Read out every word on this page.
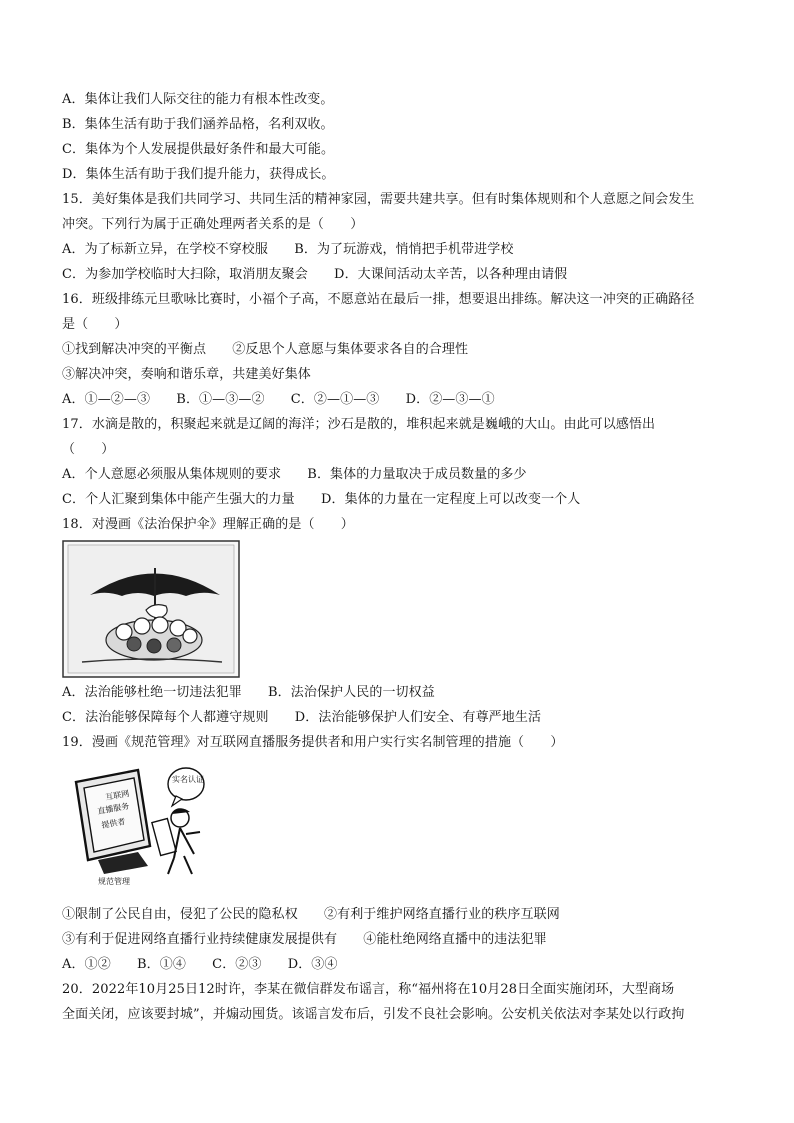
A．集体让我们人际交往的能力有根本性改变。
B．集体生活有助于我们涵养品格，名利双收。
C．集体为个人发展提供最好条件和最大可能。
D．集体生活有助于我们提升能力，获得成长。
15．美好集体是我们共同学习、共同生活的精神家园，需要共建共享。但有时集体规则和个人意愿之间会发生
冲突。下列行为属于正确处理两者关系的是（　　）
A．为了标新立异，在学校不穿校服　　B．为了玩游戏，悄悄把手机带进学校
C．为参加学校临时大扫除，取消朋友聚会　　D．大课间活动太辛苦，以各种理由请假
16．班级排练元旦歌咏比赛时，小福个子高，不愿意站在最后一排，想要退出排练。解决这一冲突的正确路径
是（　　）
①找到解决冲突的平衡点　　②反思个人意愿与集体要求各自的合理性
③解决冲突，奏响和谐乐章，共建美好集体
A．①—②—③　　B．①—③—②　　C．②—①—③　　D．②—③—①
17．水滴是散的，积聚起来就是辽阔的海洋；沙石是散的，堆积起来就是巍峨的大山。由此可以感悟出
（　　）
A．个人意愿必须服从集体规则的要求　　B．集体的力量取决于成员数量的多少
C．个人汇聚到集体中能产生强大的力量　　D．集体的力量在一定程度上可以改变一个人
18．对漫画《法治保护伞》理解正确的是（　　）
A．法治能够杜绝一切违法犯罪　　B．法治保护人民的一切权益
C．法治能够保障每个人都遵守规则　　D．法治能够保护人们安全、有尊严地生活
19．漫画《规范管理》对互联网直播服务提供者和用户实行实名制管理的措施（　　）
互联网
直播服务
提供者
实名认证
规范管理
①限制了公民自由，侵犯了公民的隐私权　　②有利于维护网络直播行业的秩序互联网
③有利于促进网络直播行业持续健康发展提供有　　④能杜绝网络直播中的违法犯罪
A．①②　　B．①④　　C．②③　　D．③④
20．2022年10月25日12时许，李某在微信群发布谣言，称“福州将在10月28日全面实施闭环，大型商场
全面关闭，应该要封城”，并煽动囤货。该谣言发布后，引发不良社会影响。公安机关依法对李某处以行政拘
